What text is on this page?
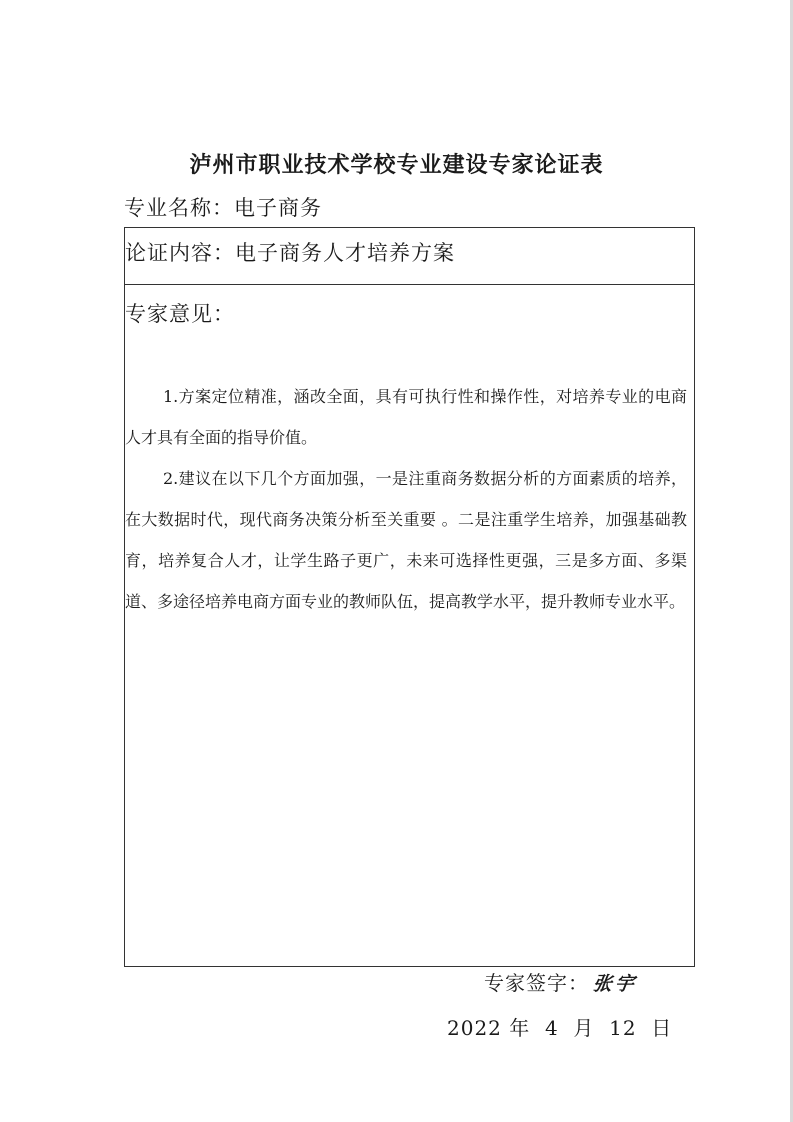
泸州市职业技术学校专业建设专家论证表
专业名称：电子商务
论证内容：电子商务人才培养方案
专家意见：

1.方案定位精准，涵改全面，具有可执行性和操作性，对培养专业的电商人才具有全面的指导价值。

2.建议在以下几个方面加强，一是注重商务数据分析的方面素质的培养，在大数据时代，现代商务决策分析至关重要 。二是注重学生培养，加强基础教育，培养复合人才，让学生路子更广，未来可选择性更强，三是多方面、多渠道、多途径培养电商方面专业的教师队伍，提高教学水平，提升教师专业水平。

专家签字： 张宇
2022 年  4  月  12  日
